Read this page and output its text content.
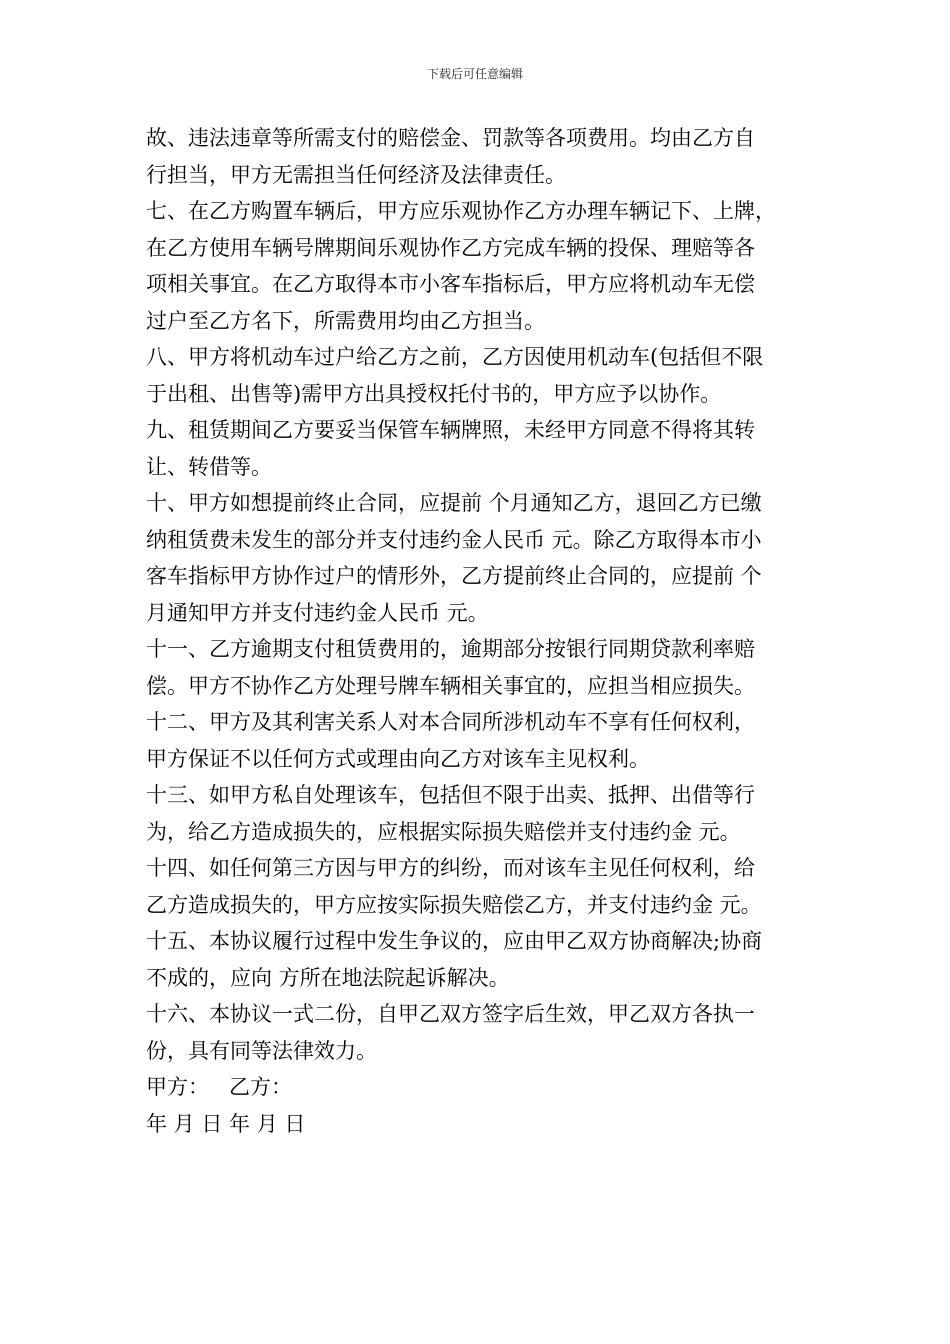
下载后可任意编辑

故、违法违章等所需支付的赔偿金、罚款等各项费用。均由乙方自
行担当，甲方无需担当任何经济及法律责任。

七、在乙方购置车辆后，甲方应乐观协作乙方办理车辆记下、上牌，
在乙方使用车辆号牌期间乐观协作乙方完成车辆的投保、理赔等各
项相关事宜。在乙方取得本市小客车指标后，甲方应将机动车无偿
过户至乙方名下，所需费用均由乙方担当。

八、甲方将机动车过户给乙方之前，乙方因使用机动车(包括但不限
于出租、出售等)需甲方出具授权托付书的，甲方应予以协作。

九、租赁期间乙方要妥当保管车辆牌照，未经甲方同意不得将其转
让、转借等。

十、甲方如想提前终止合同，应提前 个月通知乙方，退回乙方已缴
纳租赁费未发生的部分并支付违约金人民币 元。除乙方取得本市小
客车指标甲方协作过户的情形外，乙方提前终止合同的，应提前 个
月通知甲方并支付违约金人民币 元。

十一、乙方逾期支付租赁费用的，逾期部分按银行同期贷款利率赔
偿。甲方不协作乙方处理号牌车辆相关事宜的，应担当相应损失。

十二、甲方及其利害关系人对本合同所涉机动车不享有任何权利，
甲方保证不以任何方式或理由向乙方对该车主见权利。

十三、如甲方私自处理该车，包括但不限于出卖、抵押、出借等行
为，给乙方造成损失的，应根据实际损失赔偿并支付违约金 元。

十四、如任何第三方因与甲方的纠纷，而对该车主见任何权利，给
乙方造成损失的，甲方应按实际损失赔偿乙方，并支付违约金 元。

十五、本协议履行过程中发生争议的，应由甲乙双方协商解决;协商
不成的，应向 方所在地法院起诉解决。

十六、本协议一式二份，自甲乙双方签字后生效，甲乙双方各执一
份，具有同等法律效力。

甲方：   乙方：

年 月 日 年 月 日
